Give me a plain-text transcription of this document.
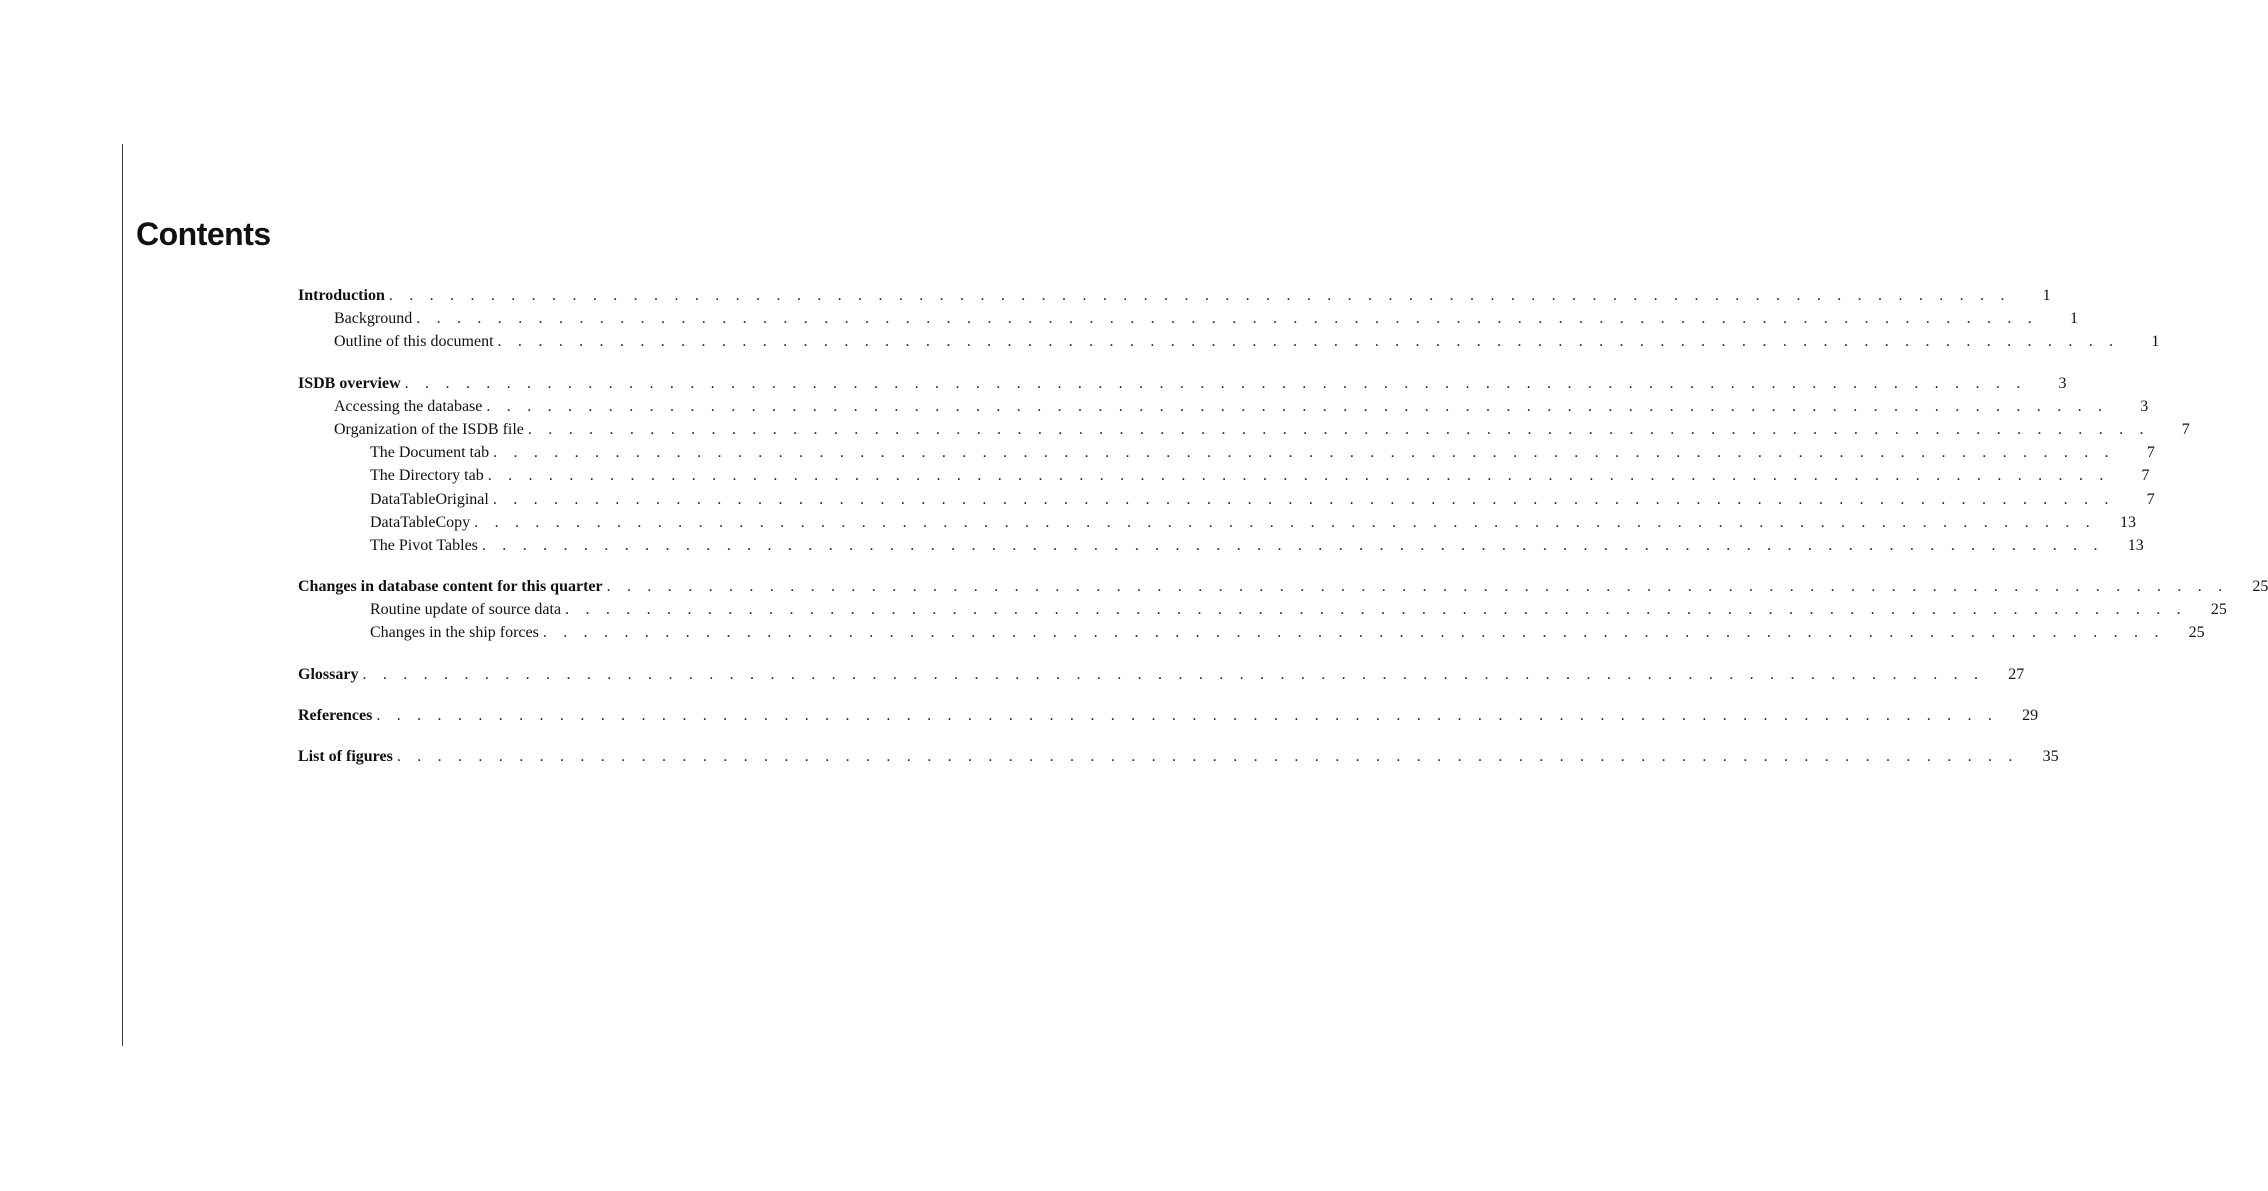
Contents
Introduction . . . . . . . . . . . . . . . . . . . . . . . . . . . . . . . . . . . . . . . . . . . . . . . . . . . . . . . . . . . . . . . . . . . . . . . . . . . . . . . .	1
Background . . . . . . . . . . . . . . . . . . . . . . . . . . . . . . . . . . . . . . . . . . . . . . . . . . . . . . . . . . . . . . . . . . . . . . . . . . . . . . . .	1
Outline of this document . . . . . . . . . . . . . . . . . . . . . . . . . . . . . . . . . . . . . . . . . . . . . . . . . . . . . . . . . . . . . . . . . . . . . . . . . . . . . . . .	1
ISDB overview . . . . . . . . . . . . . . . . . . . . . . . . . . . . . . . . . . . . . . . . . . . . . . . . . . . . . . . . . . . . . . . . . . . . . . . . . . . . . . . .	3
Accessing the database . . . . . . . . . . . . . . . . . . . . . . . . . . . . . . . . . . . . . . . . . . . . . . . . . . . . . . . . . . . . . . . . . . . . . . . . . . . . . . . .	3
Organization of the ISDB file . . . . . . . . . . . . . . . . . . . . . . . . . . . . . . . . . . . . . . . . . . . . . . . . . . . . . . . . . . . . . . . . . . . . . . . . . . . . . . . .	7
The Document tab . . . . . . . . . . . . . . . . . . . . . . . . . . . . . . . . . . . . . . . . . . . . . . . . . . . . . . . . . . . . . . . . . . . . . . . . . . . . . . . .	7
The Directory tab . . . . . . . . . . . . . . . . . . . . . . . . . . . . . . . . . . . . . . . . . . . . . . . . . . . . . . . . . . . . . . . . . . . . . . . . . . . . . . . .	7
DataTableOriginal . . . . . . . . . . . . . . . . . . . . . . . . . . . . . . . . . . . . . . . . . . . . . . . . . . . . . . . . . . . . . . . . . . . . . . . . . . . . . . . .	7
DataTableCopy . . . . . . . . . . . . . . . . . . . . . . . . . . . . . . . . . . . . . . . . . . . . . . . . . . . . . . . . . . . . . . . . . . . . . . . . . . . . . . . .	13
The Pivot Tables . . . . . . . . . . . . . . . . . . . . . . . . . . . . . . . . . . . . . . . . . . . . . . . . . . . . . . . . . . . . . . . . . . . . . . . . . . . . . . . .	13
Changes in database content for this quarter . . . . . . . . . . . . . . . . . . . . . . . . . . . . . . . . . . . . . . . . . . . . . . . . . . . . . . . . . . . . . . . . . . . . . . . . . . . . . . . .	25
Routine update of source data . . . . . . . . . . . . . . . . . . . . . . . . . . . . . . . . . . . . . . . . . . . . . . . . . . . . . . . . . . . . . . . . . . . . . . . . . . . . . . . .	25
Changes in the ship forces . . . . . . . . . . . . . . . . . . . . . . . . . . . . . . . . . . . . . . . . . . . . . . . . . . . . . . . . . . . . . . . . . . . . . . . . . . . . . . . .	25
Glossary . . . . . . . . . . . . . . . . . . . . . . . . . . . . . . . . . . . . . . . . . . . . . . . . . . . . . . . . . . . . . . . . . . . . . . . . . . . . . . . .	27
References . . . . . . . . . . . . . . . . . . . . . . . . . . . . . . . . . . . . . . . . . . . . . . . . . . . . . . . . . . . . . . . . . . . . . . . . . . . . . . . .	29
List of figures . . . . . . . . . . . . . . . . . . . . . . . . . . . . . . . . . . . . . . . . . . . . . . . . . . . . . . . . . . . . . . . . . . . . . . . . . . . . . . . .	35
